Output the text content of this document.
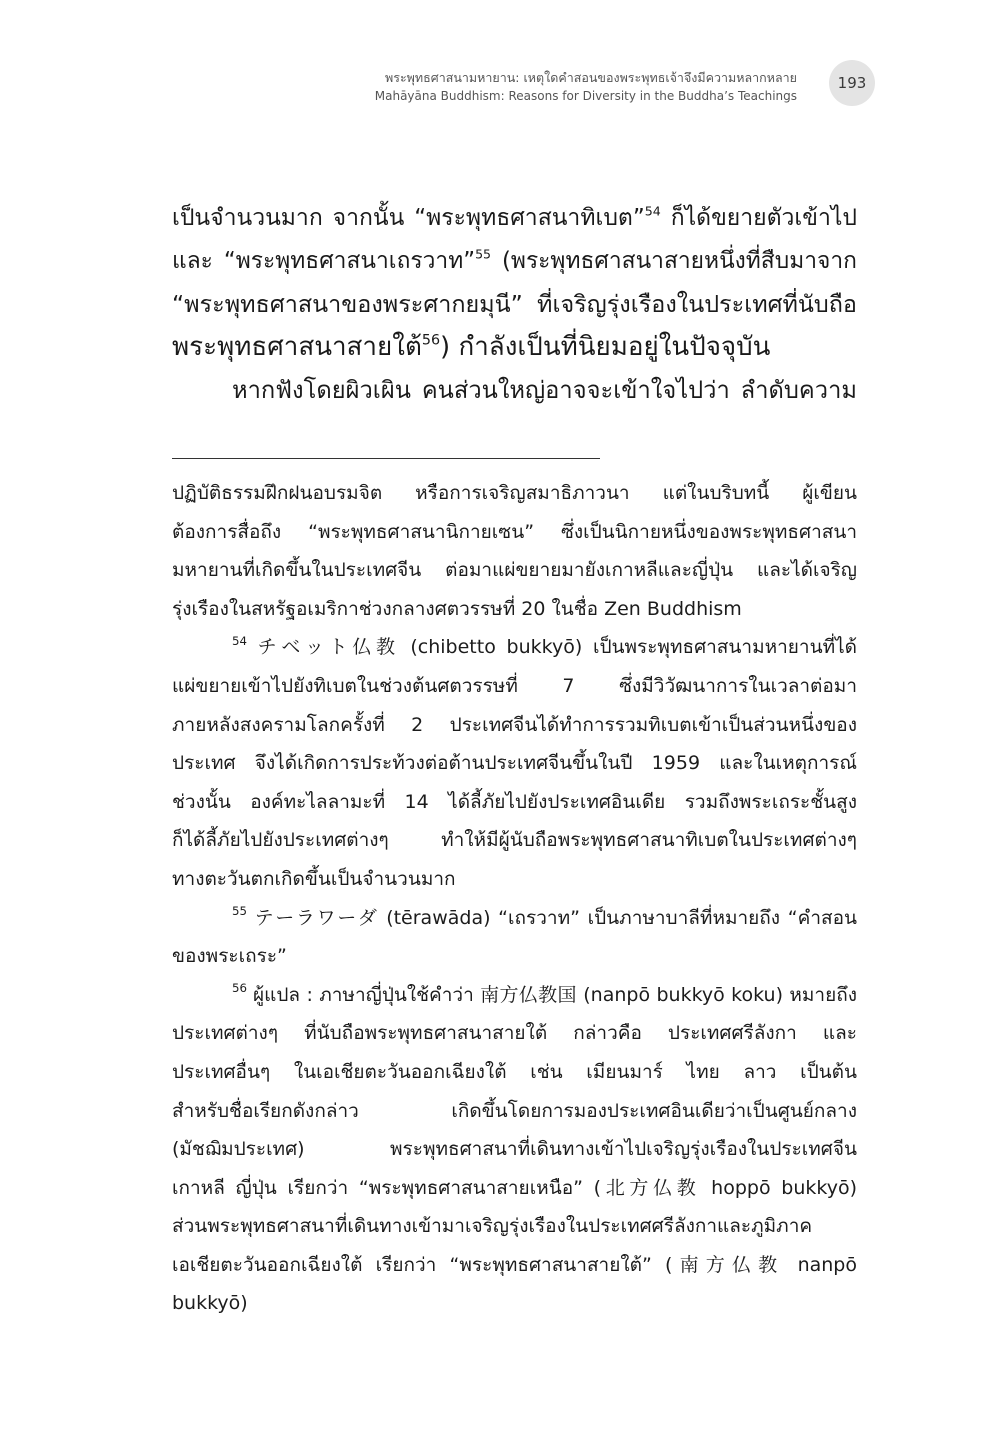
พระพุทธศาสนามหายาน: เหตุใดคำสอนของพระพุทธเจ้าจึงมีความหลากหลาย
Mahāyāna Buddhism: Reasons for Diversity in the Buddha’s Teachings
193
เป็นจำนวนมาก จากนั้น “พระพุทธศาสนาทิเบต”$^{54}$ ก็ได้ขยายตัวเข้าไป
และ “พระพุทธศาสนาเถรวาท”$^{55}$ (พระพุทธศาสนาสายหนึ่งที่สืบมาจาก
“พระพุทธศาสนาของพระศากยมุนี” ที่เจริญรุ่งเรืองในประเทศที่นับถือ
พระพุทธศาสนาสายใต้$^{56}$) กำลังเป็นที่นิยมอยู่ในปัจจุบัน
หากฟังโดยผิวเผิน คนส่วนใหญ่อาจจะเข้าใจไปว่า ลำดับความ
ปฏิบัติธรรมฝึกฝนอบรมจิต หรือการเจริญสมาธิภาวนา แต่ในบริบทนี้ ผู้เขียน
ต้องการสื่อถึง “พระพุทธศาสนานิกายเซน” ซึ่งเป็นนิกายหนึ่งของพระพุทธศาสนา
มหายานที่เกิดขึ้นในประเทศจีน ต่อมาแผ่ขยายมายังเกาหลีและญี่ปุ่น และได้เจริญ
รุ่งเรืองในสหรัฐอเมริกาช่วงกลางศตวรรษที่ 20 ในชื่อ Zen Buddhism
$^{54}$ チベット仏教 (chibetto bukkyō) เป็นพระพุทธศาสนามหายานที่ได้
แผ่ขยายเข้าไปยังทิเบตในช่วงต้นศตวรรษที่ 7 ซึ่งมีวิวัฒนาการในเวลาต่อมา
ภายหลังสงครามโลกครั้งที่ 2 ประเทศจีนได้ทำการรวมทิเบตเข้าเป็นส่วนหนึ่งของ
ประเทศ จึงได้เกิดการประท้วงต่อต้านประเทศจีนขึ้นในปี 1959 และในเหตุการณ์
ช่วงนั้น องค์ทะไลลามะที่ 14 ได้ลี้ภัยไปยังประเทศอินเดีย รวมถึงพระเถระชั้นสูง
ก็ได้ลี้ภัยไปยังประเทศต่างๆ ทำให้มีผู้นับถือพระพุทธศาสนาทิเบตในประเทศต่างๆ
ทางตะวันตกเกิดขึ้นเป็นจำนวนมาก
$^{55}$ テーラワーダ (tērawāda) “เถรวาท” เป็นภาษาบาลีที่หมายถึง “คำสอน
ของพระเถระ”
$^{56}$ ผู้แปล : ภาษาญี่ปุ่นใช้คำว่า 南方仏教国 (nanpō bukkyō koku) หมายถึง
ประเทศต่างๆ ที่นับถือพระพุทธศาสนาสายใต้ กล่าวคือ ประเทศศรีลังกา และ
ประเทศอื่นๆ ในเอเชียตะวันออกเฉียงใต้ เช่น เมียนมาร์ ไทย ลาว เป็นต้น
สำหรับชื่อเรียกดังกล่าว เกิดขึ้นโดยการมองประเทศอินเดียว่าเป็นศูนย์กลาง
(มัชฌิมประเทศ) พระพุทธศาสนาที่เดินทางเข้าไปเจริญรุ่งเรืองในประเทศจีน
เกาหลี ญี่ปุ่น เรียกว่า “พระพุทธศาสนาสายเหนือ” (北方仏教 hoppō bukkyō)
ส่วนพระพุทธศาสนาที่เดินทางเข้ามาเจริญรุ่งเรืองในประเทศศรีลังกาและภูมิภาค
เอเชียตะวันออกเฉียงใต้ เรียกว่า “พระพุทธศาสนาสายใต้” (南方仏教 nanpō
bukkyō)
